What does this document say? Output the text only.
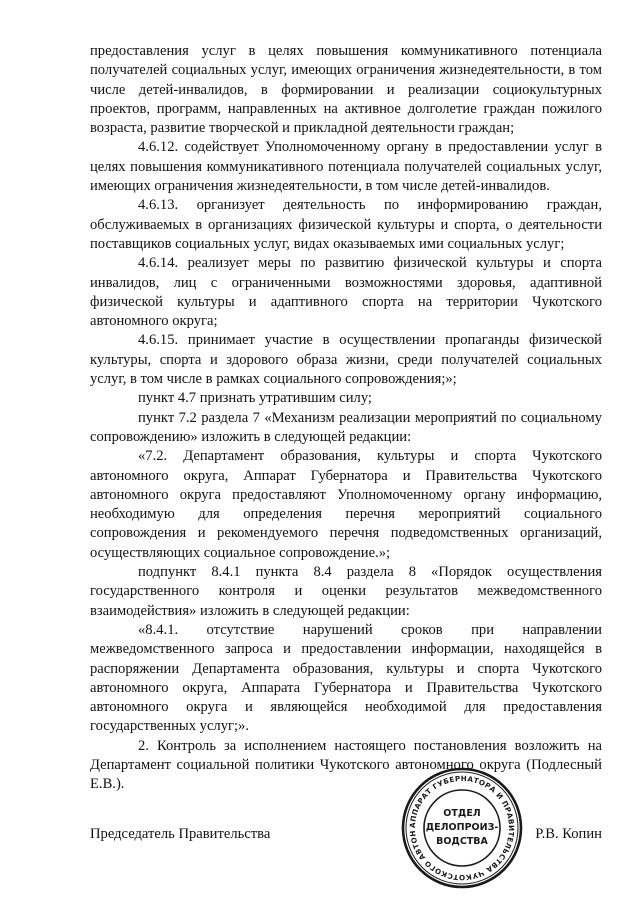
предоставления услуг в целях повышения коммуникативного потенциала получателей социальных услуг, имеющих ограничения жизнедеятельности, в том числе детей-инвалидов, в формировании и реализации социокультурных проектов, программ, направленных на активное долголетие граждан пожилого возраста, развитие творческой и прикладной деятельности граждан;

4.6.12. содействует Уполномоченному органу в предоставлении услуг в целях повышения коммуникативного потенциала получателей социальных услуг, имеющих ограничения жизнедеятельности, в том числе детей-инвалидов.

4.6.13. организует деятельность по информированию граждан, обслуживаемых в организациях физической культуры и спорта, о деятельности поставщиков социальных услуг, видах оказываемых ими социальных услуг;

4.6.14. реализует меры по развитию физической культуры и спорта инвалидов, лиц с ограниченными возможностями здоровья, адаптивной физической культуры и адаптивного спорта на территории Чукотского автономного округа;

4.6.15. принимает участие в осуществлении пропаганды физической культуры, спорта и здорового образа жизни, среди получателей социальных услуг, в том числе в рамках социального сопровождения;»;

пункт 4.7 признать утратившим силу;

пункт 7.2 раздела 7 «Механизм реализации мероприятий по социальному сопровождению» изложить в следующей редакции:

«7.2. Департамент образования, культуры и спорта Чукотского автономного округа, Аппарат Губернатора и Правительства Чукотского автономного округа предоставляют Уполномоченному органу информацию, необходимую для определения перечня мероприятий социального сопровождения и рекомендуемого перечня подведомственных организаций, осуществляющих социальное сопровождение.»;

подпункт 8.4.1 пункта 8.4 раздела 8 «Порядок осуществления государственного контроля и оценки результатов межведомственного взаимодействия» изложить в следующей редакции:

«8.4.1. отсутствие нарушений сроков при направлении межведомственного запроса и предоставлении информации, находящейся в распоряжении Департамента образования, культуры и спорта Чукотского автономного округа, Аппарата Губернатора и Правительства Чукотского автономного округа и являющейся необходимой для предоставления государственных услуг;».

2. Контроль за исполнением настоящего постановления возложить на Департамент социальной политики Чукотского автономного округа (Подлесный Е.В.).

Председатель Правительства	Р.В. Копин
АППАРАТ ГУБЕРНАТОРА И ПРАВИТЕЛЬСТВА ЧУКОТСКОГО АВТОН
ОТДЕЛ
ДЕЛОПРОИЗ-
ВОДСТВА
